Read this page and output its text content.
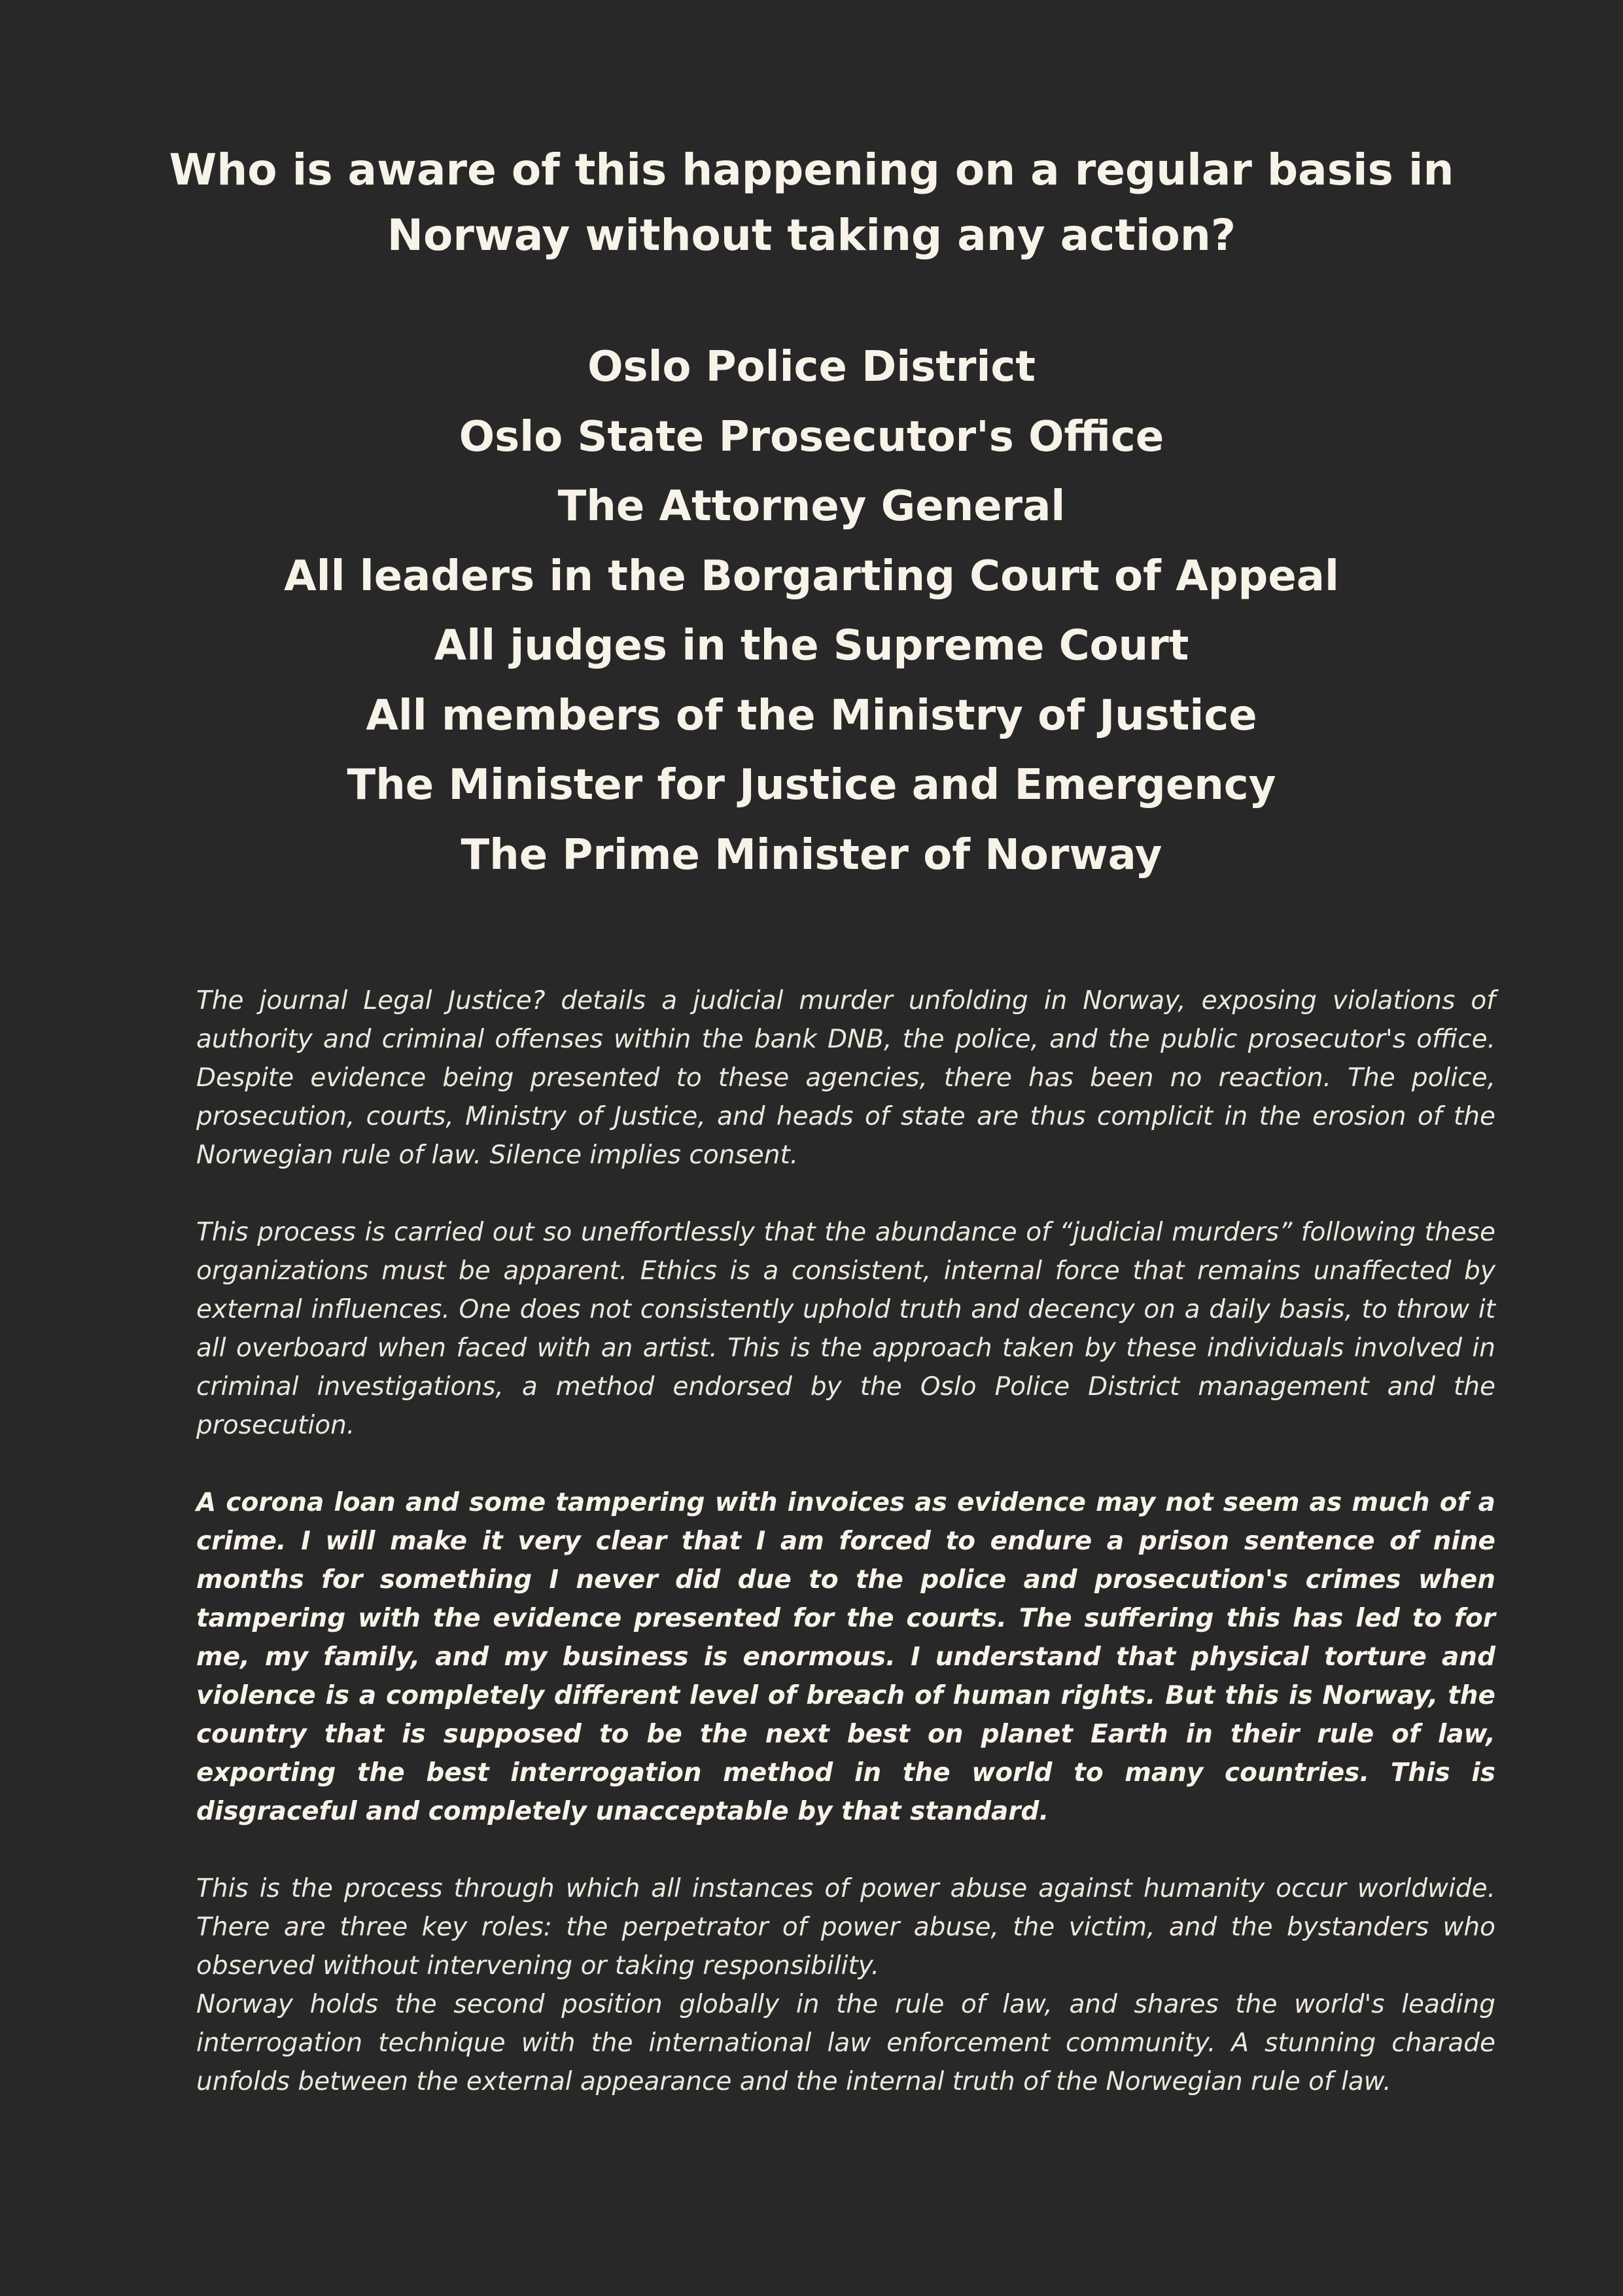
Who is aware of this happening on a regular basis in
Norway without taking any action?
Oslo Police District
Oslo State Prosecutor's Office
The Attorney General
All leaders in the Borgarting Court of Appeal
All judges in the Supreme Court
All members of the Ministry of Justice
The Minister for Justice and Emergency
The Prime Minister of Norway

The journal Legal Justice? details a judicial murder unfolding in Norway, exposing violations of authority and criminal offenses within the bank DNB, the police, and the public prosecutor's office. Despite evidence being presented to these agencies, there has been no reaction. The police, prosecution, courts, Ministry of Justice, and heads of state are thus complicit in the erosion of the Norwegian rule of law. Silence implies consent.

This process is carried out so uneffortlessly that the abundance of “judicial murders” following these organizations must be apparent. Ethics is a consistent, internal force that remains unaffected by external influences. One does not consistently uphold truth and decency on a daily basis, to throw it all overboard when faced with an artist. This is the approach taken by these individuals involved in criminal investigations, a method endorsed by the Oslo Police District management and the prosecution.

A corona loan and some tampering with invoices as evidence may not seem as much of a crime. I will make it very clear that I am forced to endure a prison sentence of nine months for something I never did due to the police and prosecution's crimes when tampering with the evidence presented for the courts. The suffering this has led to for me, my family, and my business is enormous. I understand that physical torture and violence is a completely different level of breach of human rights. But this is Norway, the country that is supposed to be the next best on planet Earth in their rule of law, exporting the best interrogation method in the world to many countries. This is disgraceful and completely unacceptable by that standard.

This is the process through which all instances of power abuse against humanity occur worldwide. There are three key roles: the perpetrator of power abuse, the victim, and the bystanders who observed without intervening or taking responsibility.

Norway holds the second position globally in the rule of law, and shares the world's leading interrogation technique with the international law enforcement community. A stunning charade unfolds between the external appearance and the internal truth of the Norwegian rule of law.
